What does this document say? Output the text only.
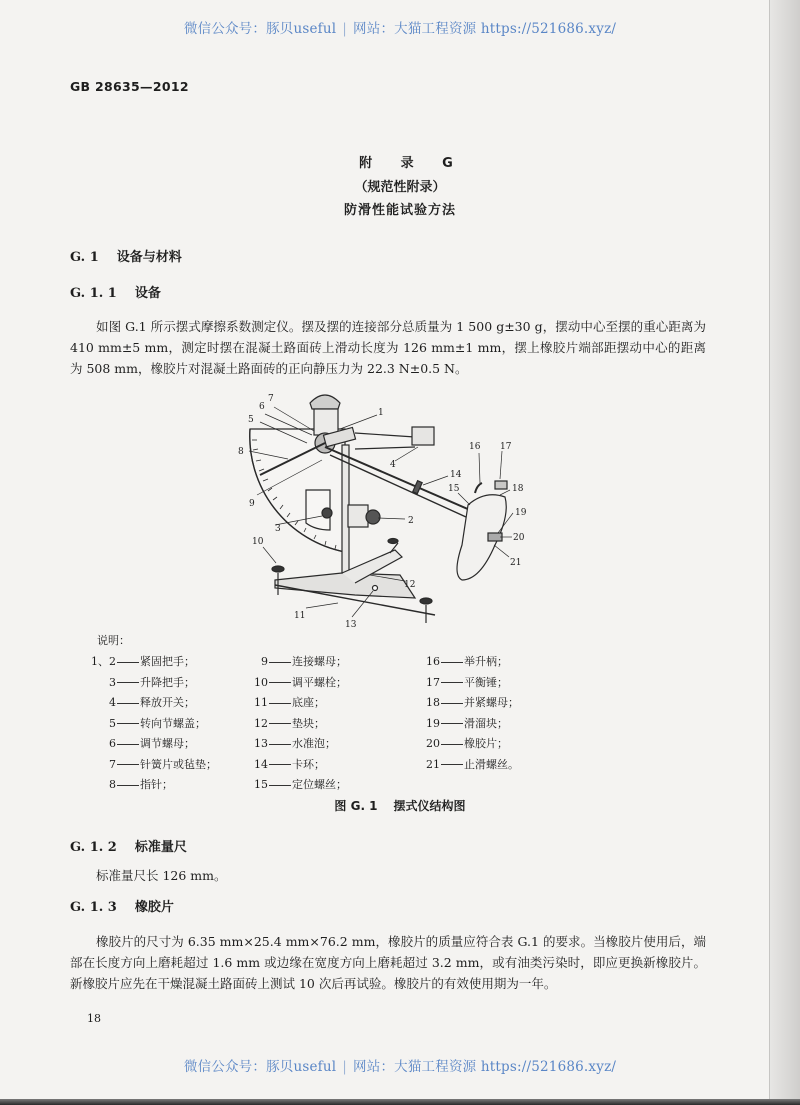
微信公众号：豚贝useful | 网站：大猫工程资源 https://521686.xyz/
GB 28635—2012
附 录 G
（规范性附录）
防滑性能试验方法
G. 1 设备与材料
G. 1. 1 设备
如图 G.1 所示摆式摩擦系数测定仪。摆及摆的连接部分总质量为 1 500 g±30 g，摆动中心至摆的重心距离为 410 mm±5 mm，测定时摆在混凝土路面砖上滑动长度为 126 mm±1 mm，摆上橡胶片端部距摆动中心的距离为 508 mm，橡胶片对混凝土路面砖的正向静压力为 22.3 N±0.5 N。
1
2
3
4
5
6
7
8
9
10
11
12
13
14
15
16 17
18
19
20
21
说明：
1、2 紧固把手；
3 升降把手；
4 释放开关；
5 转向节螺盖；
6 调节螺母；
7 针簧片或毡垫；
8 指针；
9 连接螺母；
10 调平螺栓；
11 底座；
12 垫块；
13 水准泡；
14 卡环；
15 定位螺丝；
16 举升柄；
17 平衡锤；
18 并紧螺母；
19 滑溜块；
20 橡胶片；
21 止滑螺丝。
图 G. 1 摆式仪结构图
G. 1. 2 标准量尺
标准量尺长 126 mm。
G. 1. 3 橡胶片
橡胶片的尺寸为 6.35 mm×25.4 mm×76.2 mm，橡胶片的质量应符合表 G.1 的要求。当橡胶片使用后，端部在长度方向上磨耗超过 1.6 mm 或边缘在宽度方向上磨耗超过 3.2 mm，或有油类污染时，即应更换新橡胶片。新橡胶片应先在干燥混凝土路面砖上测试 10 次后再试验。橡胶片的有效使用期为一年。
18
微信公众号：豚贝useful | 网站：大猫工程资源 https://521686.xyz/
